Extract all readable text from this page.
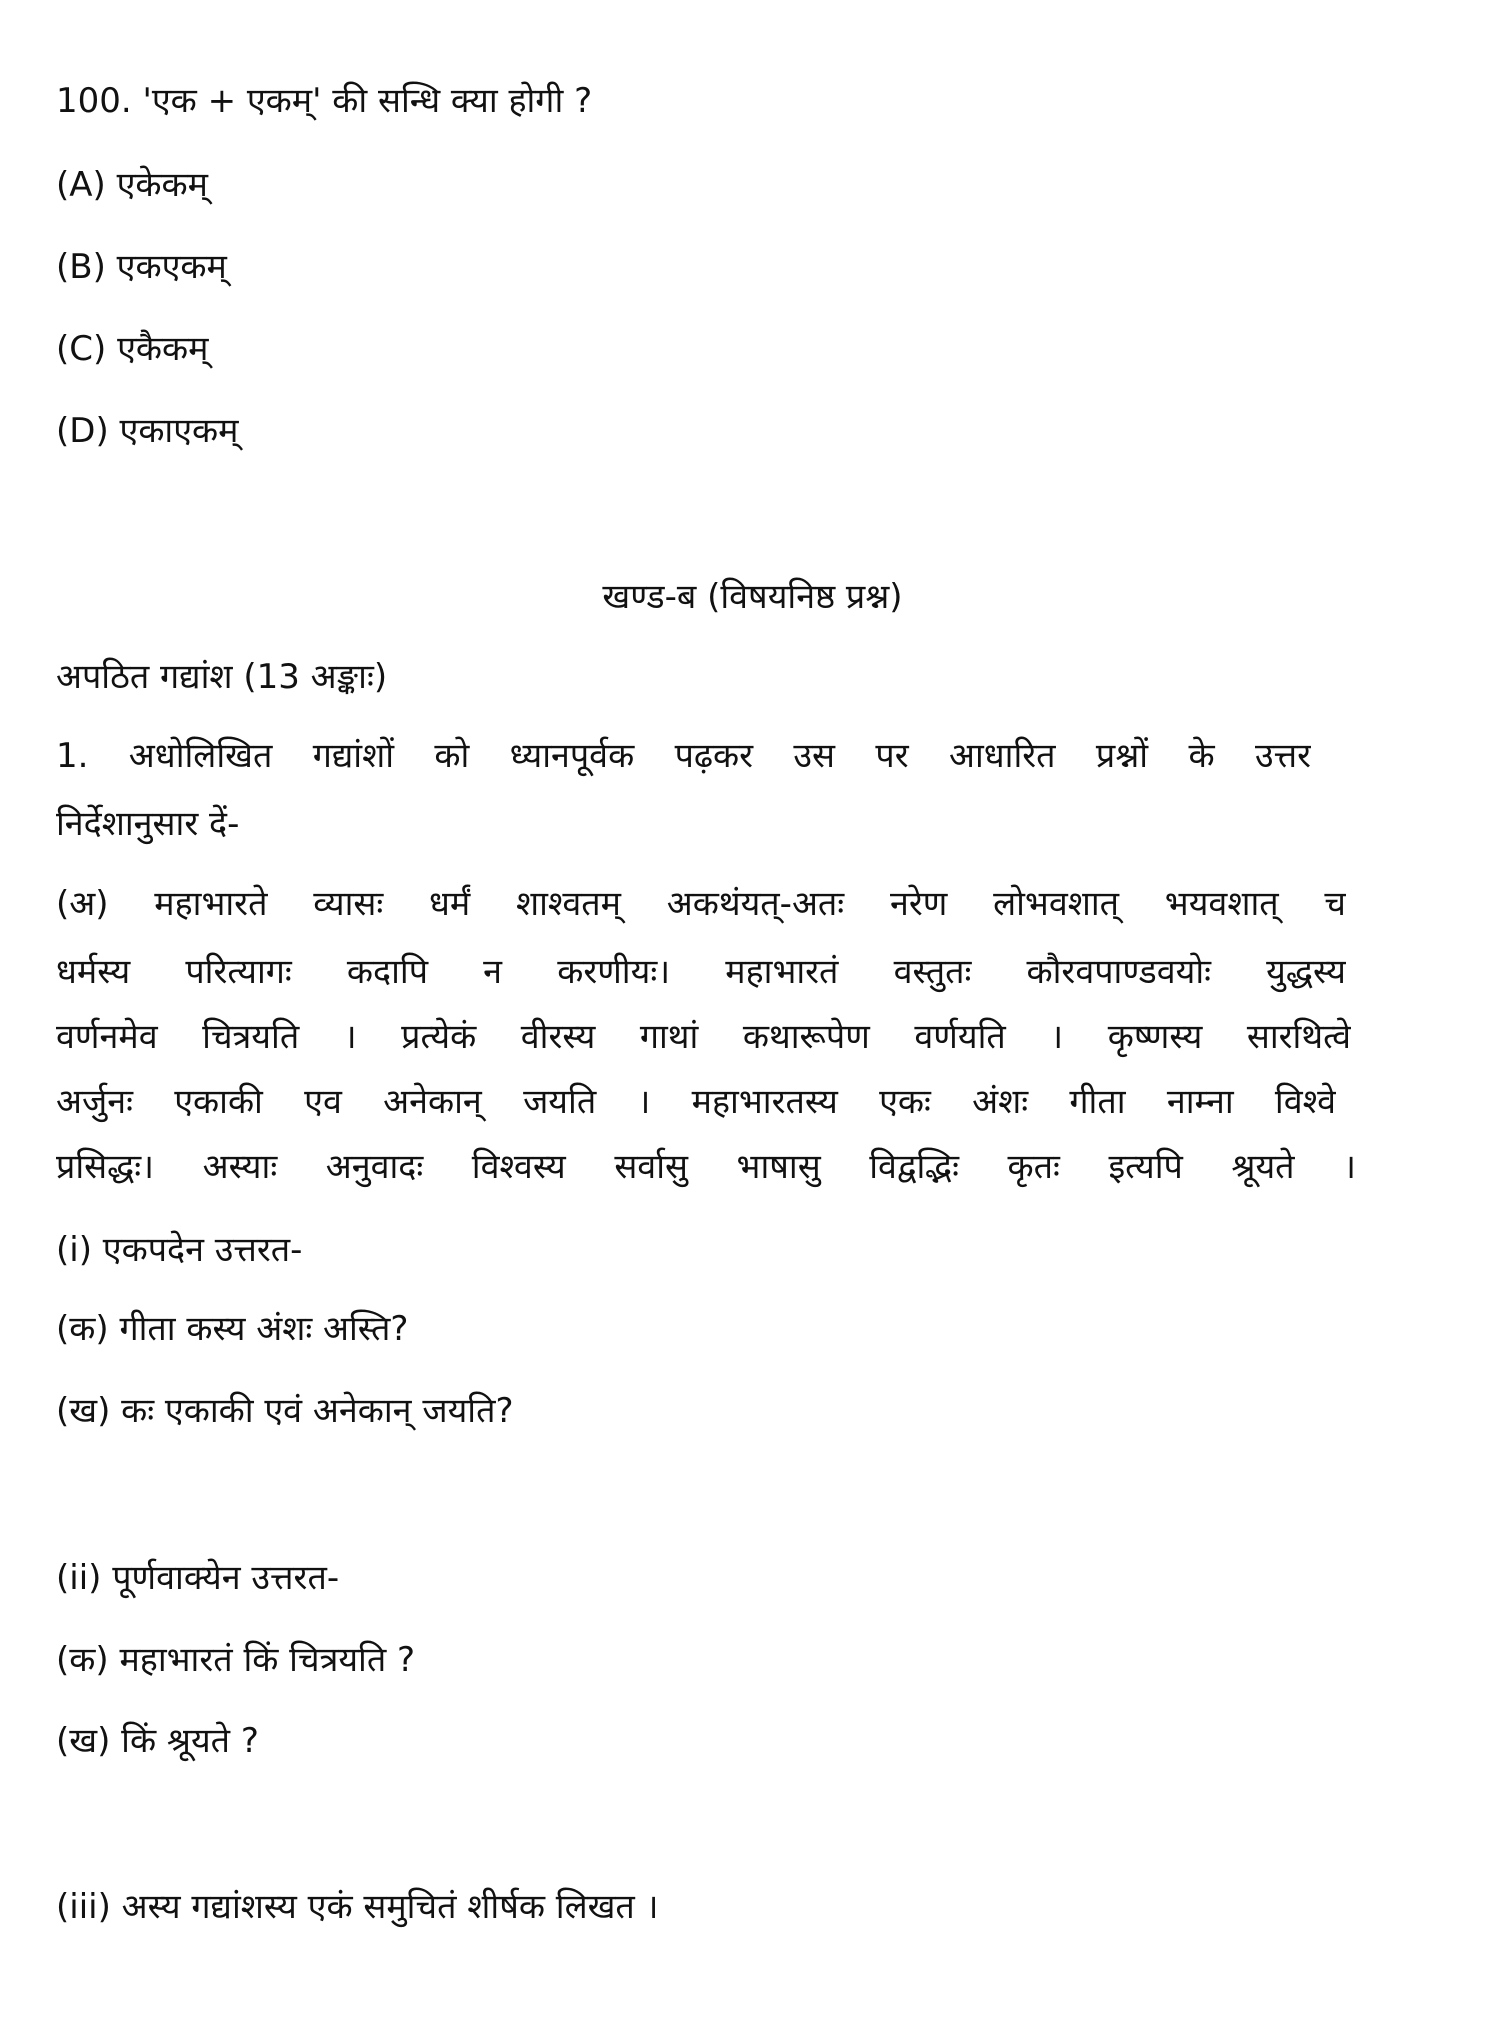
100. 'एक + एकम्' की सन्धि क्या होगी ?
(A) एकेकम्
(B) एकएकम्
(C) एकैकम्
(D) एकाएकम्
खण्ड-ब (विषयनिष्ठ प्रश्न)
अपठित गद्यांश (13 अङ्काः)
1. अधोलिखित गद्यांशों को ध्यानपूर्वक पढ़कर उस पर आधारित प्रश्नों के उत्तर
निर्देशानुसार दें-
(अ) महाभारते व्यासः धर्मं शाश्वतम् अकथंयत्-अतः नरेण लोभवशात् भयवशात् च
धर्मस्य परित्यागः कदापि न करणीयः। महाभारतं वस्तुतः कौरवपाण्डवयोः युद्धस्य
वर्णनमेव चित्रयति । प्रत्येकं वीरस्य गाथां कथारूपेण वर्णयति । कृष्णस्य सारथित्वे
अर्जुनः एकाकी एव अनेकान् जयति । महाभारतस्य एकः अंशः गीता नाम्ना विश्वे
प्रसिद्धः। अस्याः अनुवादः विश्वस्य सर्वासु भाषासु विद्वद्भिः कृतः इत्यपि श्रूयते ।
(i) एकपदेन उत्तरत-
(क) गीता कस्य अंशः अस्ति?
(ख) कः एकाकी एवं अनेकान् जयति?
(ii) पूर्णवाक्येन उत्तरत-
(क) महाभारतं किं चित्रयति ?
(ख) किं श्रूयते ?
(iii) अस्य गद्यांशस्य एकं समुचितं शीर्षक लिखत ।
